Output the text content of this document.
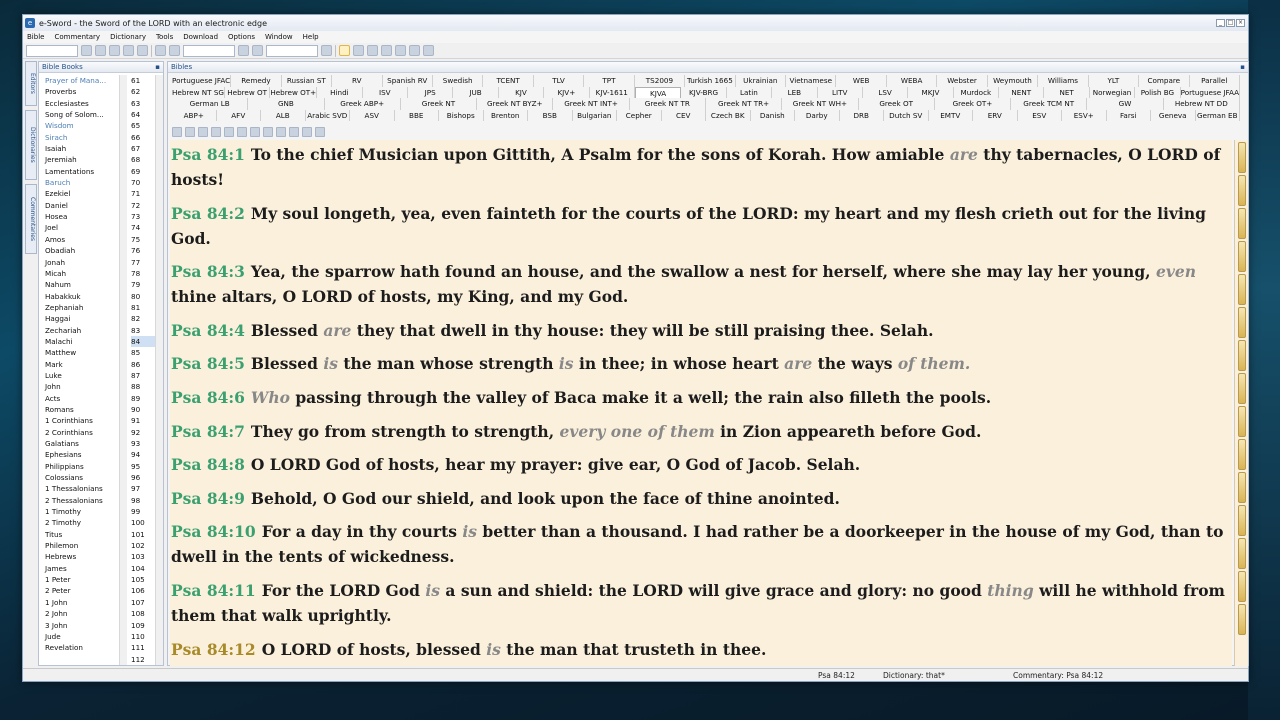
e e-Sword - the Sword of the LORD with an electronic edge	_ □ ×
Bible Commentary Dictionary Tools Download Options Window Help
Editors
Dictionaries
Commentaries
Bible Books	▪
Prayer of Mana...
Proverbs
Ecclesiastes
Song of Solom...
Wisdom
Sirach
Isaiah
Jeremiah
Lamentations
Baruch
Ezekiel
Daniel
Hosea
Joel
Amos
Obadiah
Jonah
Micah
Nahum
Habakkuk
Zephaniah
Haggai
Zechariah
Malachi
Matthew
Mark
Luke
John
Acts
Romans
1 Corinthians
2 Corinthians
Galatians
Ephesians
Philippians
Colossians
1 Thessalonians
2 Thessalonians
1 Timothy
2 Timothy
Titus
Philemon
Hebrews
James
1 Peter
2 Peter
1 John
2 John
3 John
Jude
Revelation
61
62
63
64
65
66
67
68
69
70
71
72
73
74
75
76
77
78
79
80
81
82
83
84
85
86
87
88
89
90
91
92
93
94
95
96
97
98
99
100
101
102
103
104
105
106
107
108
109
110
111
112
Bibles	▪
Portuguese JFAC	Remedy	Russian ST	RV	Spanish RV	Swedish	TCENT	TLV	TPT	TS2009	Turkish 1665	Ukrainian	Vietnamese	WEB	WEBA	Webster	Weymouth	Williams	YLT	Compare	Parallel
Hebrew NT SG Hebrew OT Hebrew OT+	Hindi	ISV	JPS	JUB	KJV	KJV+	KJV-1611	KJVA	KJV-BRG	Latin	LEB	LITV	LSV	MKJV	Murdock	NENT	NET	Norwegian	Polish BG Portuguese JFAA
German LB	GNB	Greek ABP+	Greek NT	Greek NT BYZ+	Greek NT INT+	Greek NT TR	Greek NT TR+	Greek NT WH+	Greek OT	Greek OT+	Greek TCM NT	GW	Hebrew NT DD
ABP+	AFV	ALB	Arabic SVD	ASV	BBE	Bishops	Brenton	BSB	Bulgarian	Cepher	CEV	Czech BK	Danish	Darby	DRB	Dutch SV	EMTV	ERV	ESV	ESV+	Farsi	Geneva	German EB
Psa 84:1 To the chief Musician upon Gittith, A Psalm for the sons of Korah. How amiable are thy tabernacles, O LORD of hosts!
Psa 84:2 My soul longeth, yea, even fainteth for the courts of the LORD: my heart and my flesh crieth out for the living God.
Psa 84:3 Yea, the sparrow hath found an house, and the swallow a nest for herself, where she may lay her young, even thine altars, O LORD of hosts, my King, and my God.
Psa 84:4 Blessed are they that dwell in thy house: they will be still praising thee. Selah.
Psa 84:5 Blessed is the man whose strength is in thee; in whose heart are the ways of them.
Psa 84:6 Who passing through the valley of Baca make it a well; the rain also filleth the pools.
Psa 84:7 They go from strength to strength, every one of them in Zion appeareth before God.
Psa 84:8 O LORD God of hosts, hear my prayer: give ear, O God of Jacob. Selah.
Psa 84:9 Behold, O God our shield, and look upon the face of thine anointed.
Psa 84:10 For a day in thy courts is better than a thousand. I had rather be a doorkeeper in the house of my God, than to dwell in the tents of wickedness.
Psa 84:11 For the LORD God is a sun and shield: the LORD will give grace and glory: no good thing will he withhold from them that walk uprightly.
Psa 84:12 O LORD of hosts, blessed is the man that trusteth in thee.
Psa 84:12	Dictionary: that*	Commentary: Psa 84:12
